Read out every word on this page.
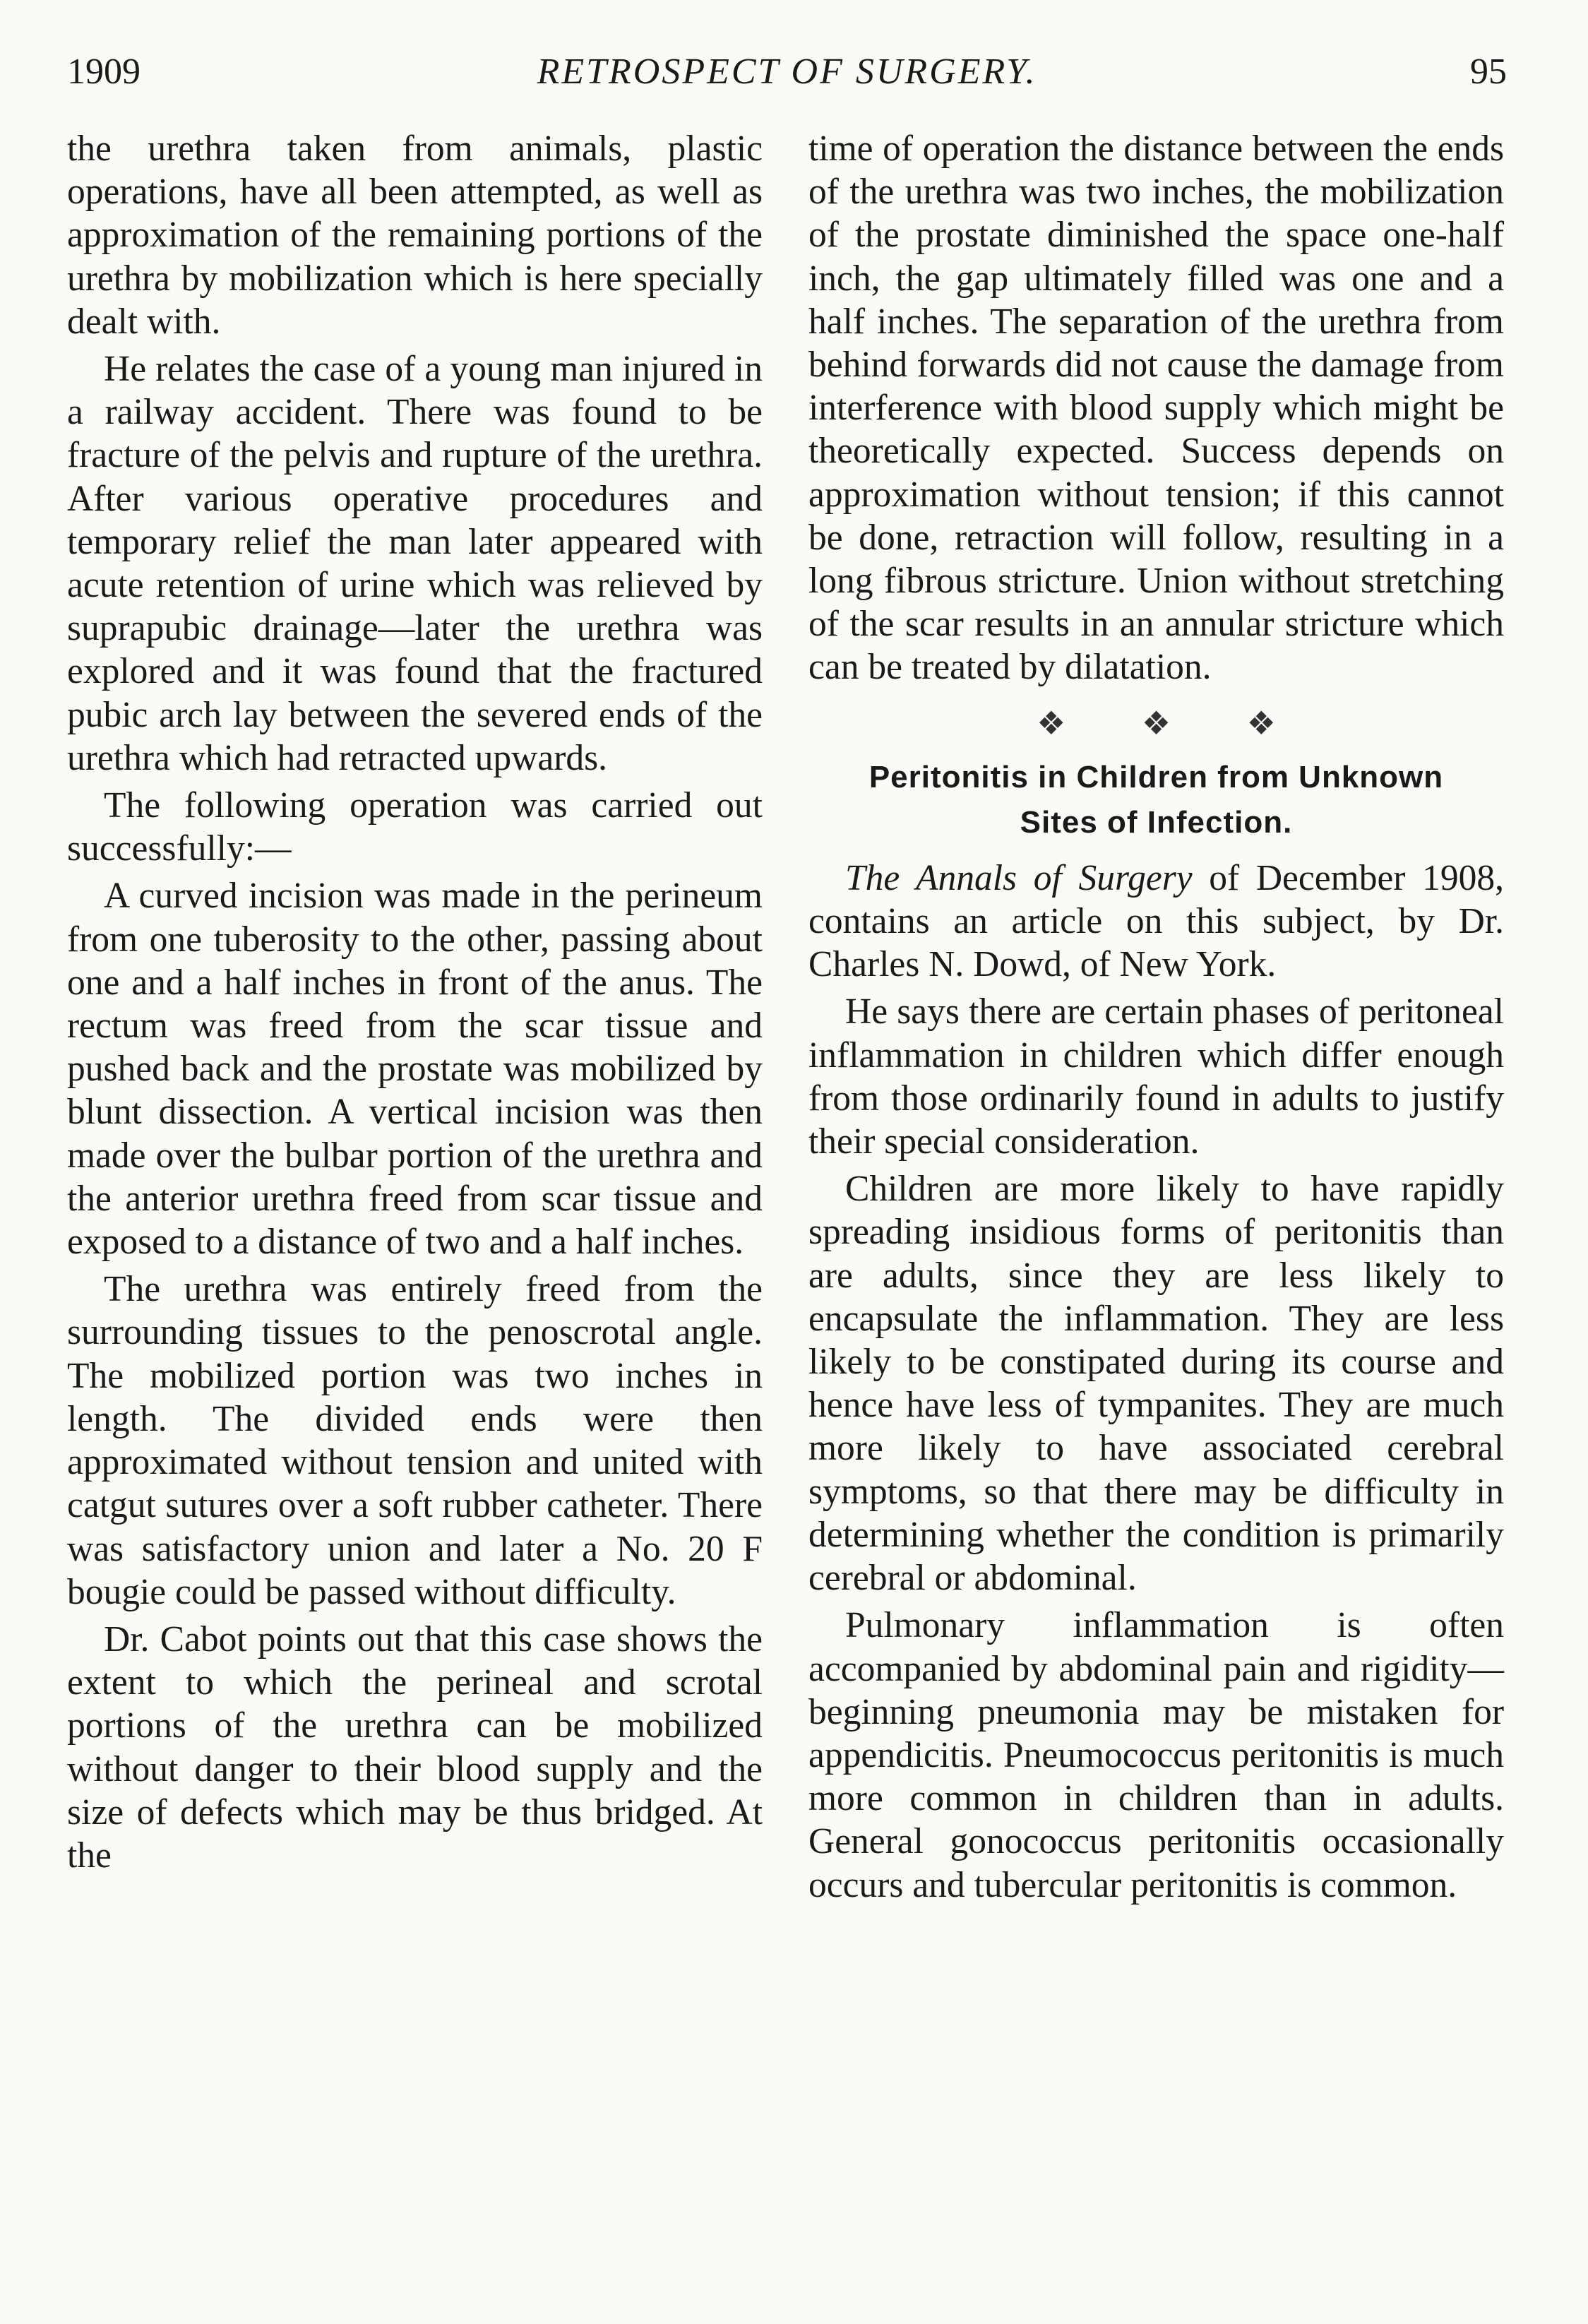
1909	RETROSPECT OF SURGERY.	95

the urethra taken from animals, plastic operations, have all been attempted, as well as approximation of the remaining portions of the urethra by mobilization which is here specially dealt with.

He relates the case of a young man injured in a railway accident. There was found to be fracture of the pelvis and rupture of the urethra. After various operative procedures and temporary relief the man later appeared with acute retention of urine which was relieved by suprapubic drainage—later the urethra was explored and it was found that the fractured pubic arch lay between the severed ends of the urethra which had retracted upwards.

The following operation was carried out successfully:—

A curved incision was made in the perineum from one tuberosity to the other, passing about one and a half inches in front of the anus. The rectum was freed from the scar tissue and pushed back and the prostate was mobilized by blunt dissection. A vertical incision was then made over the bulbar portion of the urethra and the anterior urethra freed from scar tissue and exposed to a distance of two and a half inches.

The urethra was entirely freed from the surrounding tissues to the penoscrotal angle. The mobilized portion was two inches in length. The divided ends were then approximated without tension and united with catgut sutures over a soft rubber catheter. There was satisfactory union and later a No. 20 F bougie could be passed without difficulty.

Dr. Cabot points out that this case shows the extent to which the perineal and scrotal portions of the urethra can be mobilized without danger to their blood supply and the size of defects which may be thus bridged. At the

time of operation the distance between the ends of the urethra was two inches, the mobilization of the prostate diminished the space one-half inch, the gap ultimately filled was one and a half inches. The separation of the urethra from behind forwards did not cause the damage from interference with blood supply which might be theoretically expected. Success depends on approximation without tension; if this cannot be done, retraction will follow, resulting in a long fibrous stricture. Union without stretching of the scar results in an annular stricture which can be treated by dilatation.

❖ ❖ ❖
Peritonitis in Children from Unknown
Sites of Infection.

The Annals of Surgery of December 1908, contains an article on this subject, by Dr. Charles N. Dowd, of New York.

He says there are certain phases of peritoneal inflammation in children which differ enough from those ordinarily found in adults to justify their special consideration.

Children are more likely to have rapidly spreading insidious forms of peritonitis than are adults, since they are less likely to encapsulate the inflammation. They are less likely to be constipated during its course and hence have less of tympanites. They are much more likely to have associated cerebral symptoms, so that there may be difficulty in determining whether the condition is primarily cerebral or abdominal.

Pulmonary inflammation is often accompanied by abdominal pain and rigidity—beginning pneumonia may be mistaken for appendicitis. Pneumococcus peritonitis is much more common in children than in adults. General gonococcus peritonitis occasionally occurs and tubercular peritonitis is common.
